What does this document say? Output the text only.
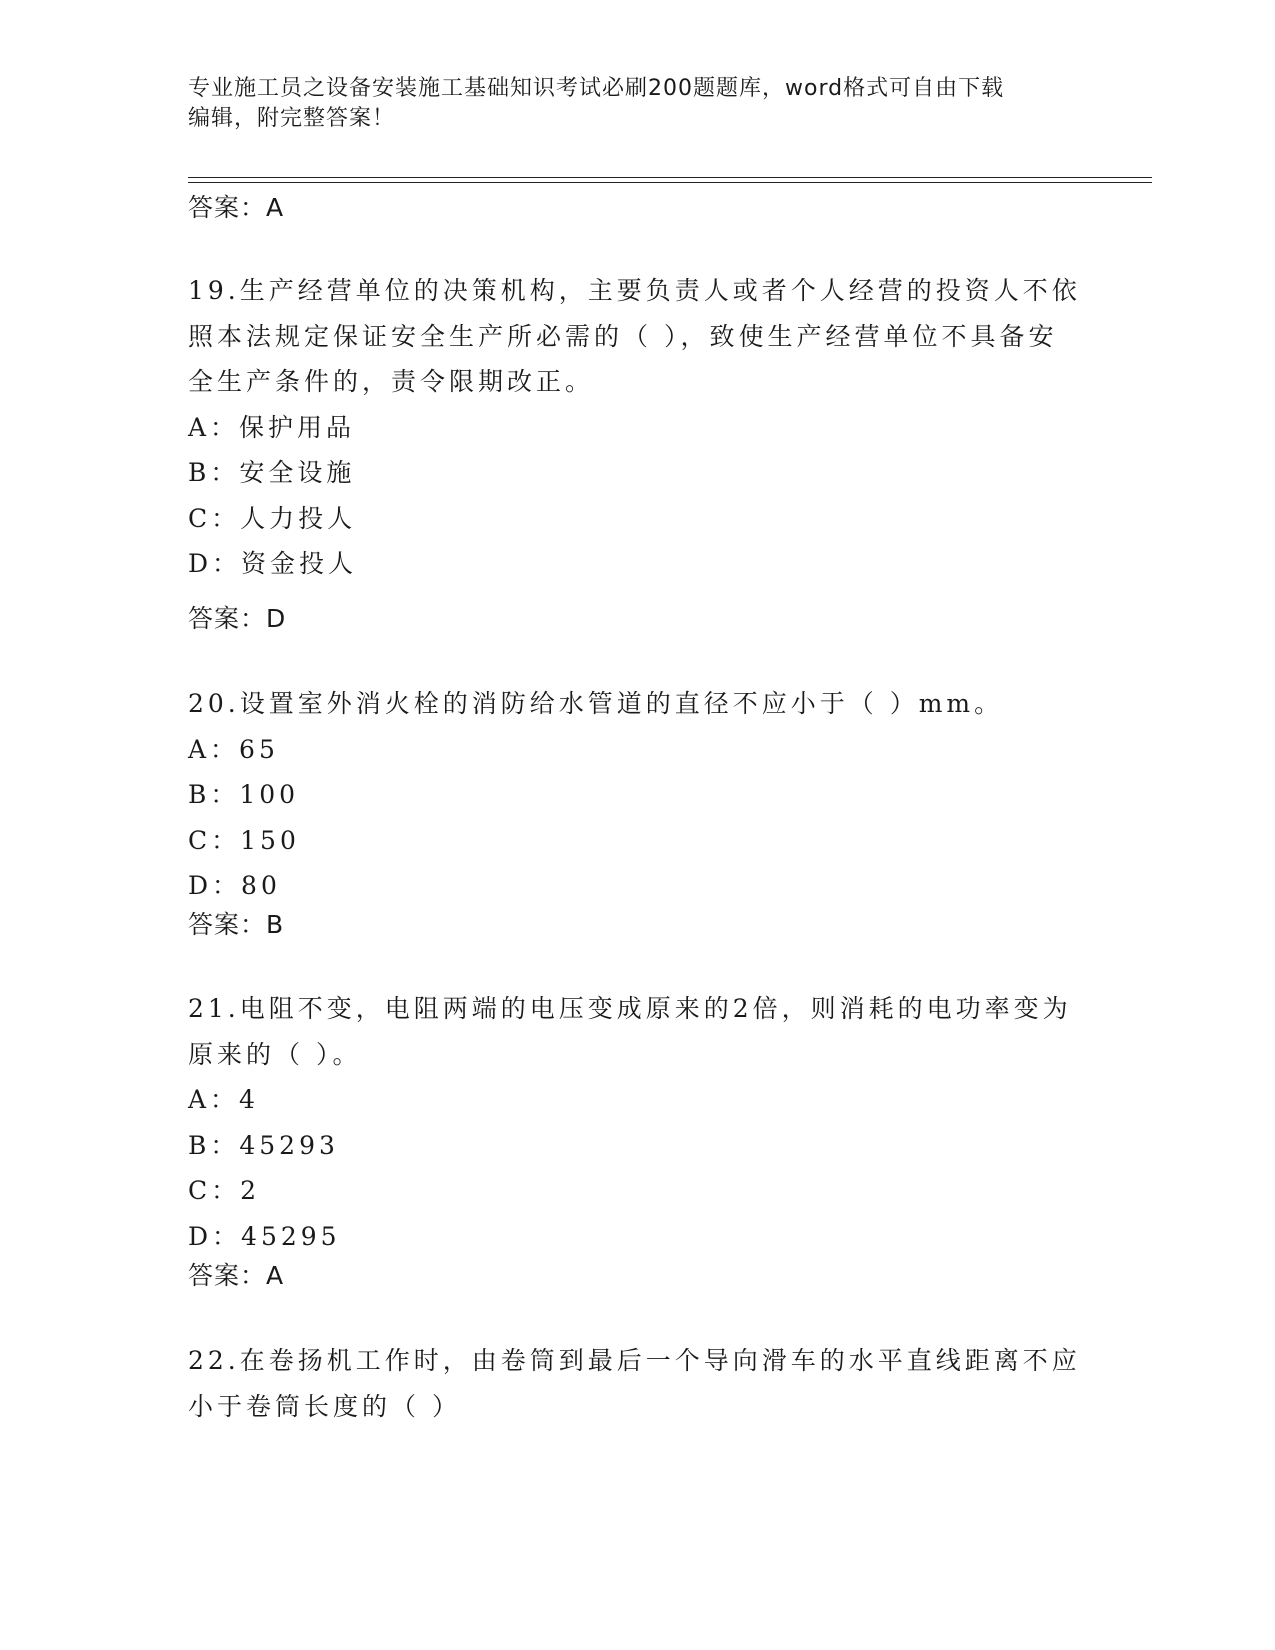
专业施工员之设备安装施工基础知识考试必刷200题题库，word格式可自由下载
编辑，附完整答案！
答案：A
19.生产经营单位的决策机构，主要负责人或者个人经营的投资人不依
照本法规定保证安全生产所必需的（ ），致使生产经营单位不具备安
全生产条件的，责令限期改正。
A：保护用品
B：安全设施
C：人力投人
D：资金投人
答案：D
20.设置室外消火栓的消防给水管道的直径不应小于（ ）mm。
A：65
B：100
C：150
D：80
答案：B
21.电阻不变，电阻两端的电压变成原来的2倍，则消耗的电功率变为
原来的（ ）。
A：4
B：45293
C：2
D：45295
答案：A
22.在卷扬机工作时，由卷筒到最后一个导向滑车的水平直线距离不应
小于卷筒长度的（ ）
